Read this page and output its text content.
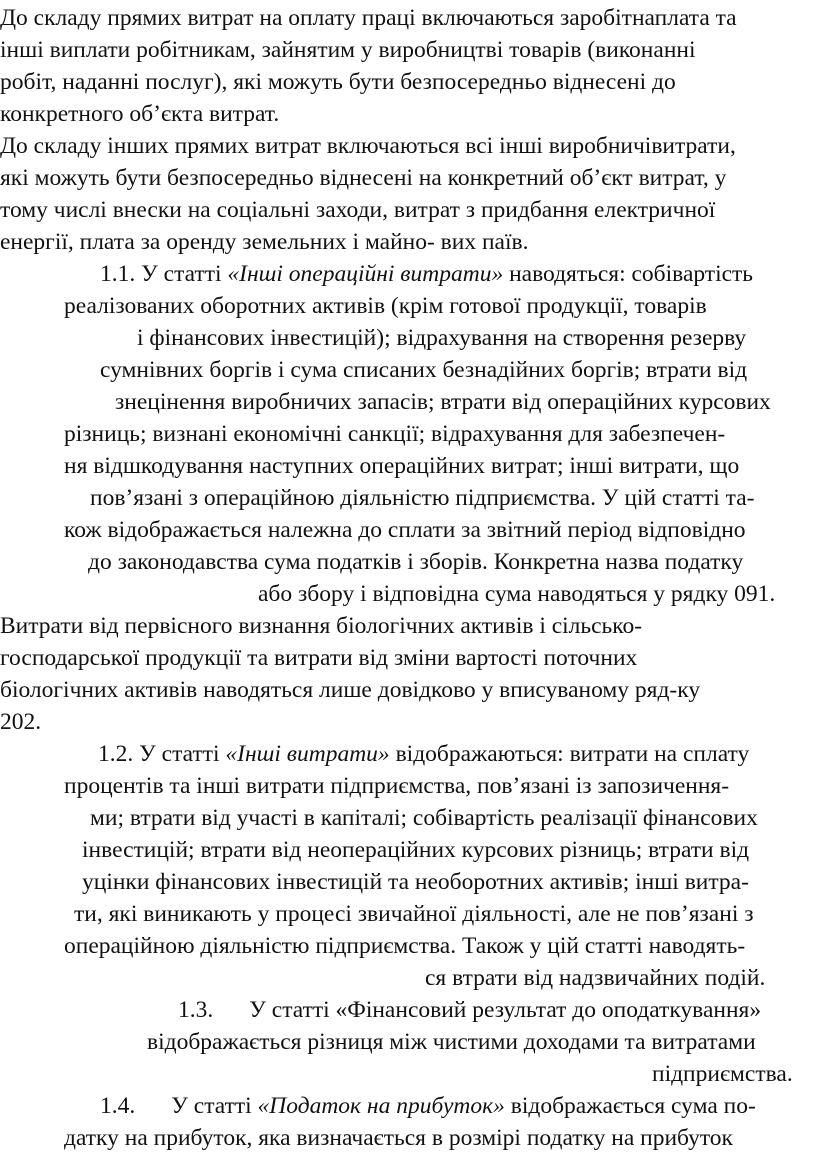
До складу прямих витрат на оплату праці включаються заробітнаплата та
інші виплати робітникам, зайнятим у виробництві товарів (виконанні
робіт, наданні послуг), які можуть бути безпосередньо віднесені до
конкретного об’єкта витрат.
До складу інших прямих витрат включаються всі інші виробничівитрати,
які можуть бути безпосередньо віднесені на конкретний об’єкт витрат, у
тому числі внески на соціальні заходи, витрат з придбання електричної
енергії, плата за оренду земельних і майно- вих паїв.
1.1. У статті «Інші операційні витрати» наводяться: собівартість
реалізованих оборотних активів (крім готової продукції, товарів
і фінансових інвестицій); відрахування на створення резерву
сумнівних боргів і сума списаних безнадійних боргів; втрати від
знецінення виробничих запасів; втрати від операційних курсових
різниць; визнані економічні санкції; відрахування для забезпечен-
ня відшкодування наступних операційних витрат; інші витрати, що
пов’язані з операційною діяльністю підприємства. У цій статті та-
кож відображається належна до сплати за звітний період відповідно
до законодавства сума податків і зборів. Конкретна назва податку
або збору і відповідна сума наводяться у рядку 091.
Витрати від первісного визнання біологічних активів і сільсько-
господарської продукції та витрати від зміни вартості поточних
біологічних активів наводяться лише довідково у вписуваному ряд-ку
202.
1.2. У статті «Інші витрати» відображаються: витрати на сплату
процентів та інші витрати підприємства, пов’язані із запозичення-
ми; втрати від участі в капіталі; собівартість реалізації фінансових
інвестицій; втрати від неопераційних курсових різниць; втрати від
уцінки фінансових інвестицій та необоротних активів; інші витра-
ти, які виникають у процесі звичайної діяльності, але не пов’язані з
операційною діяльністю підприємства. Також у цій статті наводять-
ся втрати від надзвичайних подій.
1.3. У статті «Фінансовий результат до оподаткування»
відображається різниця між чистими доходами та витратами
підприємства.
1.4. У статті «Податок на прибуток» відображається сума по-
датку на прибуток, яка визначається в розмірі податку на прибуток
